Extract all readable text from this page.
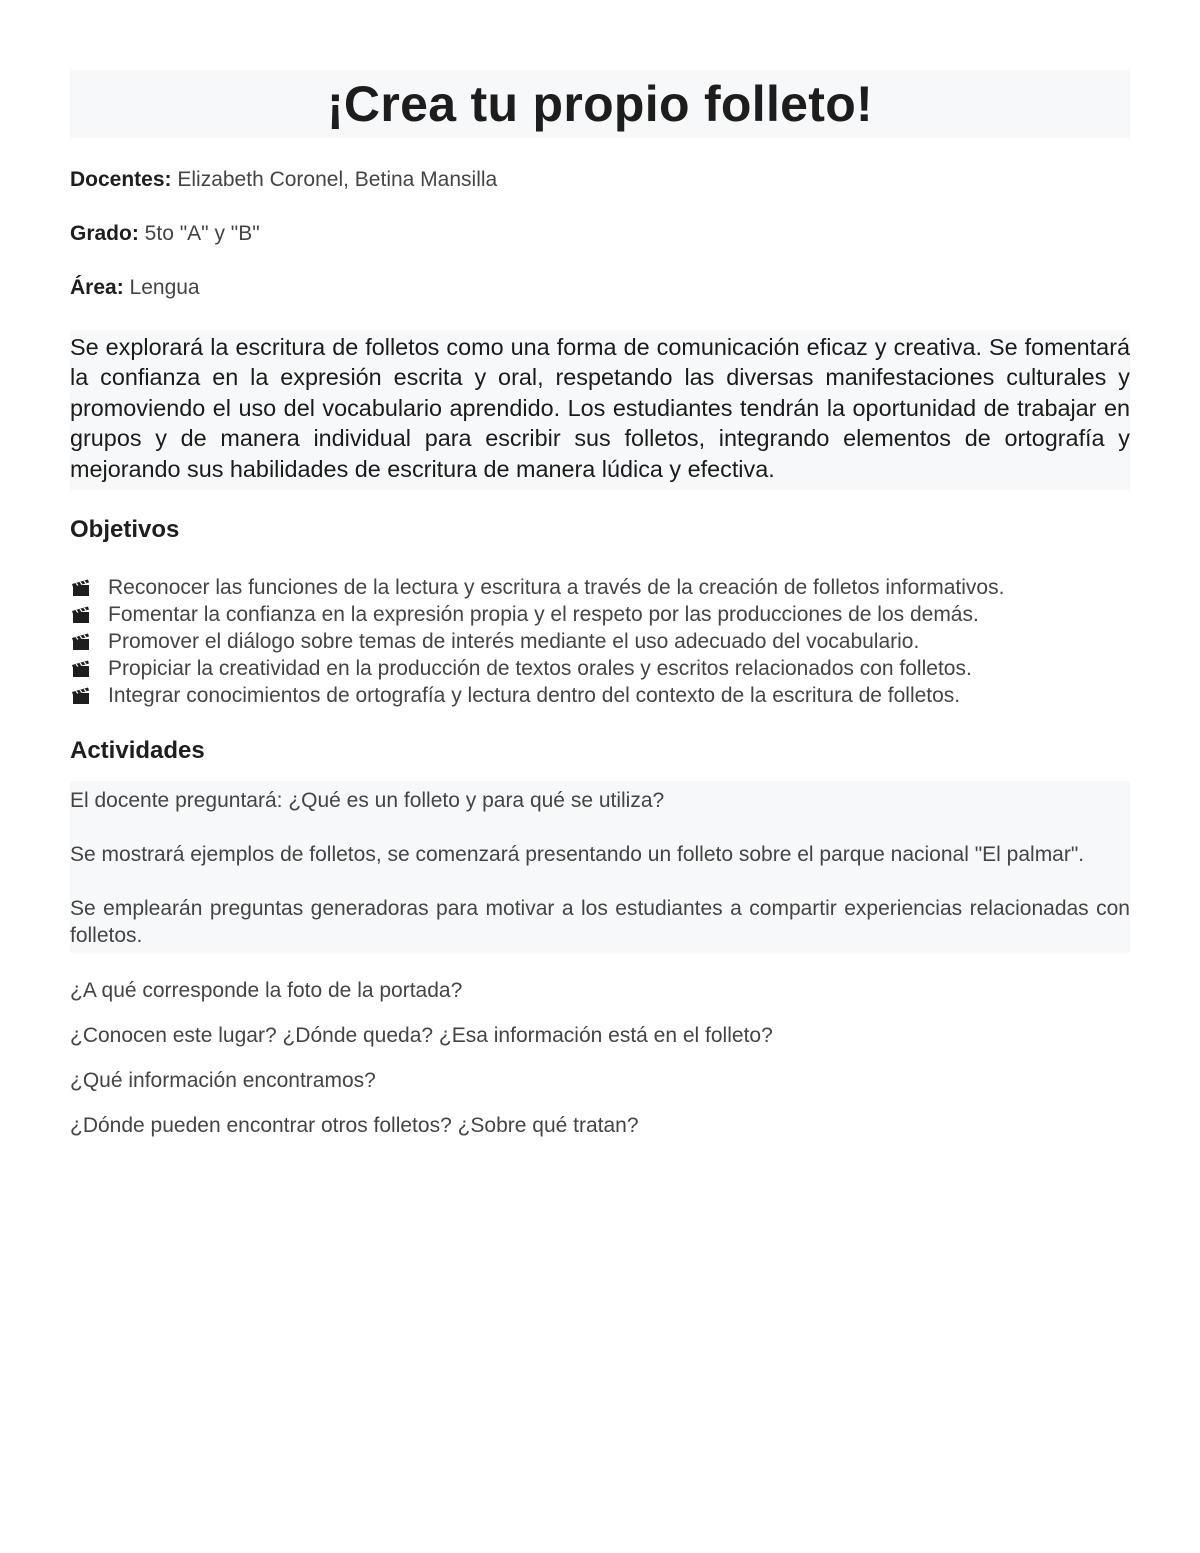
¡Crea tu propio folleto!

Docentes: Elizabeth Coronel, Betina Mansilla

Grado: 5to "A" y "B"

Área: Lengua

Se explorará la escritura de folletos como una forma de comunicación eficaz y creativa. Se fomentará la confianza en la expresión escrita y oral, respetando las diversas manifestaciones culturales y promoviendo el uso del vocabulario aprendido. Los estudiantes tendrán la oportunidad de trabajar en grupos y de manera individual para escribir sus folletos, integrando elementos de ortografía y mejorando sus habilidades de escritura de manera lúdica y efectiva.

Objetivos
Reconocer las funciones de la lectura y escritura a través de la creación de folletos informativos.
Fomentar la confianza en la expresión propia y el respeto por las producciones de los demás.
Promover el diálogo sobre temas de interés mediante el uso adecuado del vocabulario.
Propiciar la creatividad en la producción de textos orales y escritos relacionados con folletos.
Integrar conocimientos de ortografía y lectura dentro del contexto de la escritura de folletos.
Actividades

El docente preguntará: ¿Qué es un folleto y para qué se utiliza?

Se mostrará ejemplos de folletos, se comenzará presentando un folleto sobre el parque nacional "El palmar".

Se emplearán preguntas generadoras para motivar a los estudiantes a compartir experiencias relacionadas con folletos.

¿A qué corresponde la foto de la portada?

¿Conocen este lugar? ¿Dónde queda? ¿Esa información está en el folleto?

¿Qué información encontramos?

¿Dónde pueden encontrar otros folletos? ¿Sobre qué tratan?
